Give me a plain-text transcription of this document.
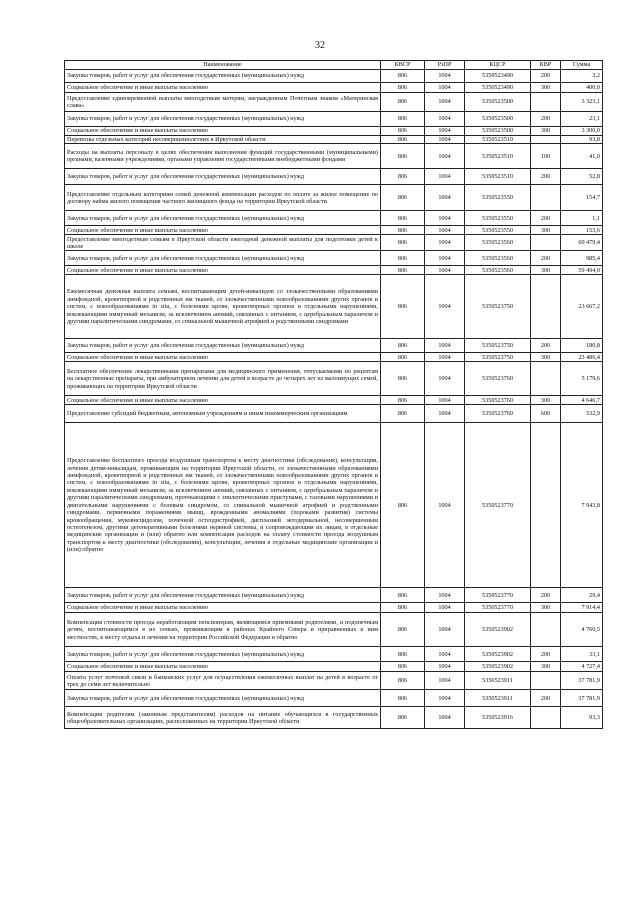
32
Наименование	КВСР	РзПР	КЦСР	КВР	Сумма
Закупка товаров, работ и услуг для обеспечения государственных (муниципальных) нужд	806	1004	5350523490	200	3,2
Социальное обеспечение и иные выплаты населению	806	1004	5350523490	300	400,0
Предоставление единовременной выплаты многодетным матерям, награжденным Почетным знаком «Материнская слава»	806	1004	5350523500		3 323,1
Закупка товаров, работ и услуг для обеспечения государственных (муниципальных) нужд	806	1004	5350523500	200	23,1
Социальное обеспечение и иные выплаты населению	806	1004	5350523500	300	3 300,0
Перевозка отдельных категорий несовершеннолетних в Иркутской области	806	1004	5350523510		93,8
Расходы на выплаты персоналу в целях обеспечения выполнения функций государственными (муниципальными) органами, казенными учреждениями, органами управления государственными внебюджетными фондами	806	1004	5350523510	100	41,0
Закупка товаров, работ и услуг для обеспечения государственных (муниципальных) нужд	806	1004	5350523510	200	52,8
Предоставление отдельным категориям семей денежной компенсации расходов по оплате за жилое помещение по договору найма жилого помещения частного жилищного фонда на территории Иркутской области	806	1004	5350523550		154,7
Закупка товаров, работ и услуг для обеспечения государственных (муниципальных) нужд	806	1004	5350523550	200	1,1
Социальное обеспечение и иные выплаты населению	806	1004	5350523550	300	153,6
Предоставление многодетным семьям в Иркутской области ежегодной денежной выплаты для подготовки детей к школе	806	1004	5350523560		60 479,4
Закупка товаров, работ и услуг для обеспечения государственных (муниципальных) нужд	806	1004	5350523560	200	985,4
Социальное обеспечение и иные выплаты населению	806	1004	5350523560	300	59 494,0
Ежемесячная денежная выплата семьям, воспитывающим детей-инвалидов со злокачественными образованиями лимфоидной, кроветворной и родственных им тканей, со злокачественными новообразованиями других органов и систем, с новообразованиями in situ, с болезнями крови, кроветворных органов и отдельными нарушениями, вовлекающими иммунный механизм, за исключением аномий, связанных с питанием, с церебральным параличом и другими паралитическими синдромами, со спинальной мышечной атрофией и родственными синдромами	806	1004	5350523750		23 667,2
Закупка товаров, работ и услуг для обеспечения государственных (муниципальных) нужд	806	1004	5350523750	200	180,8
Социальное обеспечение и иные выплаты населению	806	1004	5350523750	300	23 486,4
Бесплатное обеспечение лекарственными препаратами для медицинского применения, отпускаемыми по рецептам на лекарственные препараты, при амбулаторном лечении для детей в возрасте до четырех лет из малоимущих семей, проживающих на территории Иркутской области	806	1004	5350523760		5 179,6
Социальное обеспечение и иные выплаты населению	806	1004	5350523760	300	4 646,7
Предоставление субсидий бюджетным, автономным учреждениям и иным некоммерческим организациям	806	1004	5350523760	600	532,9
Предоставление бесплатного проезда воздушным транспортом к месту диагностики (обследования), консультации, лечения детям-инвалидам, проживающим на территории Иркутской области, со злокачественными образованиями лимфоидной, кроветворной и родственных им тканей, со злокачественными новообразованиями других органов и систем, с новообразованиями in situ, с болезнями крови, кроветворных органов и отдельными нарушениями, вовлекающими иммунный механизм, за исключением аномий, связанных с питанием, с церебральным параличом и другими паралитическими синдромами, протекающими с эпилептическими приступами, с тазовыми нарушениями и двигательными нарушениями с болевым синдромом, со спинальной мышечной атрофией и родственными синдромами, первичными поражениями мышц, врожденными аномалиями (пороками развития) системы кровообращения, муковисцидозом, почечной остеодистрофией, дисплазией эктодермальной, несовершенным остеогенезом, другими дегенеративными болезнями нервной системы, и сопровождающим их лицам, в отдельные медицинские организации и (или) обратно или компенсация расходов на оплату стоимости проезда воздушным транспортом к месту диагностики (обследования), консультации, лечения в отдельные медицинские организации и (или) обратно	806	1004	5350523770		7 943,8
Закупка товаров, работ и услуг для обеспечения государственных (муниципальных) нужд	806	1004	5350523770	200	29,4
Социальное обеспечение и иные выплаты населению	806	1004	5350523770	300	7 914,4
Компенсация стоимости проезда неработающим пенсионерам, являющимся приемными родителями, и подопечным детям, воспитывающимся в их семьях, проживающим в районах Крайнего Севера и приравненных к ним местностях, к месту отдыха и лечения на территории Российской Федерации и обратно	806	1004	5350523902		4 760,5
Закупка товаров, работ и услуг для обеспечения государственных (муниципальных) нужд	806	1004	5350523902	200	33,1
Социальное обеспечение и иные выплаты населению	806	1004	5350523902	300	4 727,4
Оплата услуг почтовой связи и банковских услуг для осуществления ежемесячных выплат на детей в возрасте от трех до семи лет включительно	806	1004	5350523911		37 781,9
Закупка товаров, работ и услуг для обеспечения государственных (муниципальных) нужд	806	1004	5350523911	200	37 781,9
Компенсация родителям (законным представителям) расходов на питание обучающихся в государственных общеобразовательных организациях, расположенных на территории Иркутской области	806	1004	5350523916		93,3
